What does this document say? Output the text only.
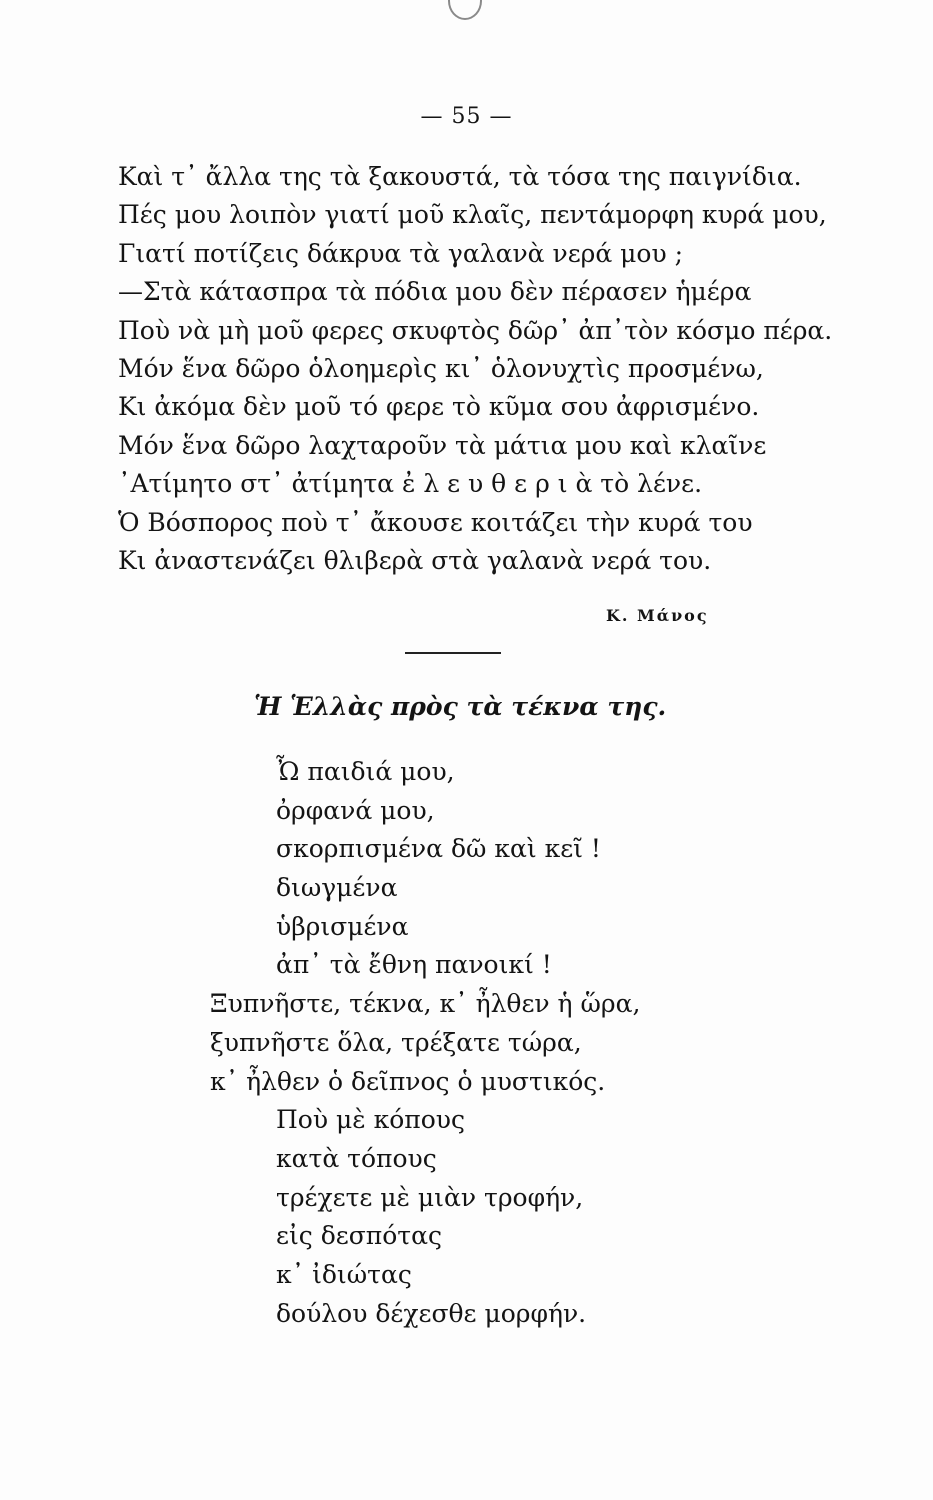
— 55 —
Καὶ τ᾿ ἄλλα της τὰ ξακουστά, τὰ τόσα της παιγνίδια.
Πές μου λοιπὸν γιατί μοῦ κλαῖς, πεντάμορφη κυρά μου,
Γιατί ποτίζεις δάκρυα τὰ γαλανὰ νερά μου ;
—Στὰ κάτασπρα τὰ πόδια μου δὲν πέρασεν ἡμέρα
Ποὺ νὰ μὴ μοῦ φερες σκυφτὸς δῶρ᾿ ἀπ᾿τὸν κόσμο πέρα.
Μόν ἕνα δῶρο ὁλοημερὶς κι᾿ ὁλονυχτὶς προσμένω,
Κι ἀκόμα δὲν μοῦ τό φερε τὸ κῦμα σου ἀφρισμένο.
Μόν ἕνα δῶρο λαχταροῦν τὰ μάτια μου καὶ κλαῖνε
᾿Ατίμητο στ᾿ ἀτίμητα ἐ λ ε υ θ ε ρ ι ὰ τὸ λένε.
Ὁ Βόσπορος ποὺ τ᾿ ἄκουσε κοιτάζει τὴν κυρά του
Κι ἀναστενάζει θλιβερὰ στὰ γαλανὰ νερά του.
Κ. Μάνος
Ἡ Ἑλλὰς πρὸς τὰ τέκνα της.
Ὦ παιδιά μου,
ὀρφανά μου,
σκορπισμένα δῶ καὶ κεῖ !
διωγμένα
ὑβρισμένα
ἀπ᾿ τὰ ἔθνη πανοικί !
Ξυπνῆστε, τέκνα, κ᾿ ἦλθεν ἡ ὥρα,
ξυπνῆστε ὅλα, τρέξατε τώρα,
κ᾿ ἦλθεν ὁ δεῖπνος ὁ μυστικός.
Ποὺ μὲ κόπους
κατὰ τόπους
τρέχετε μὲ μιὰν τροφήν,
εἰς δεσπότας
κ᾿ ἰδιώτας
δούλου δέχεσθε μορφήν.
